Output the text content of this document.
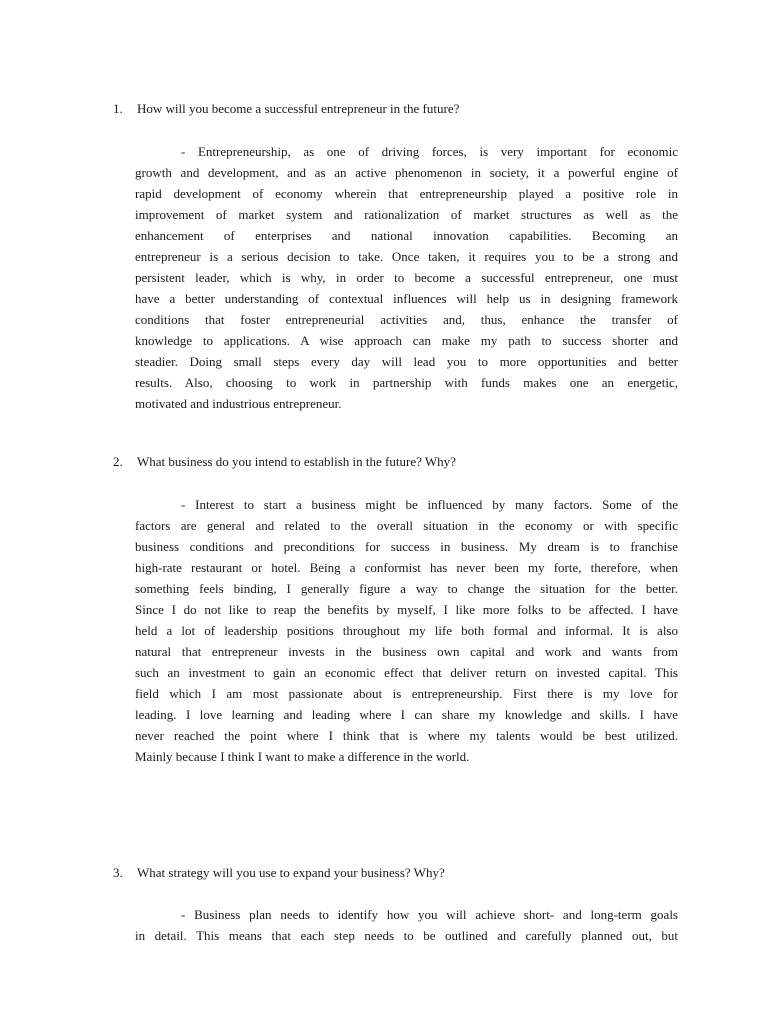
1. How will you become a successful entrepreneur in the future?
- Entrepreneurship, as one of driving forces, is very important for economic
growth and development, and as an active phenomenon in society, it a powerful engine of
rapid development of economy wherein that entrepreneurship played a positive role in
improvement of market system and rationalization of market structures as well as the
enhancement of enterprises and national innovation capabilities. Becoming an
entrepreneur is a serious decision to take. Once taken, it requires you to be a strong and
persistent leader, which is why, in order to become a successful entrepreneur, one must
have a better understanding of contextual influences will help us in designing framework
conditions that foster entrepreneurial activities and, thus, enhance the transfer of
knowledge to applications. A wise approach can make my path to success shorter and
steadier. Doing small steps every day will lead you to more opportunities and better
results. Also, choosing to work in partnership with funds makes one an energetic,
motivated and industrious entrepreneur.
2. What business do you intend to establish in the future? Why?
- Interest to start a business might be influenced by many factors. Some of the
factors are general and related to the overall situation in the economy or with specific
business conditions and preconditions for success in business. My dream is to franchise
high-rate restaurant or hotel. Being a conformist has never been my forte, therefore, when
something feels binding, I generally figure a way to change the situation for the better.
Since I do not like to reap the benefits by myself, I like more folks to be affected. I have
held a lot of leadership positions throughout my life both formal and informal. It is also
natural that entrepreneur invests in the business own capital and work and wants from
such an investment to gain an economic effect that deliver return on invested capital. This
field which I am most passionate about is entrepreneurship. First there is my love for
leading. I love learning and leading where I can share my knowledge and skills. I have
never reached the point where I think that is where my talents would be best utilized.
Mainly because I think I want to make a difference in the world.
3. What strategy will you use to expand your business? Why?
- Business plan needs to identify how you will achieve short- and long-term goals
in detail. This means that each step needs to be outlined and carefully planned out, but
